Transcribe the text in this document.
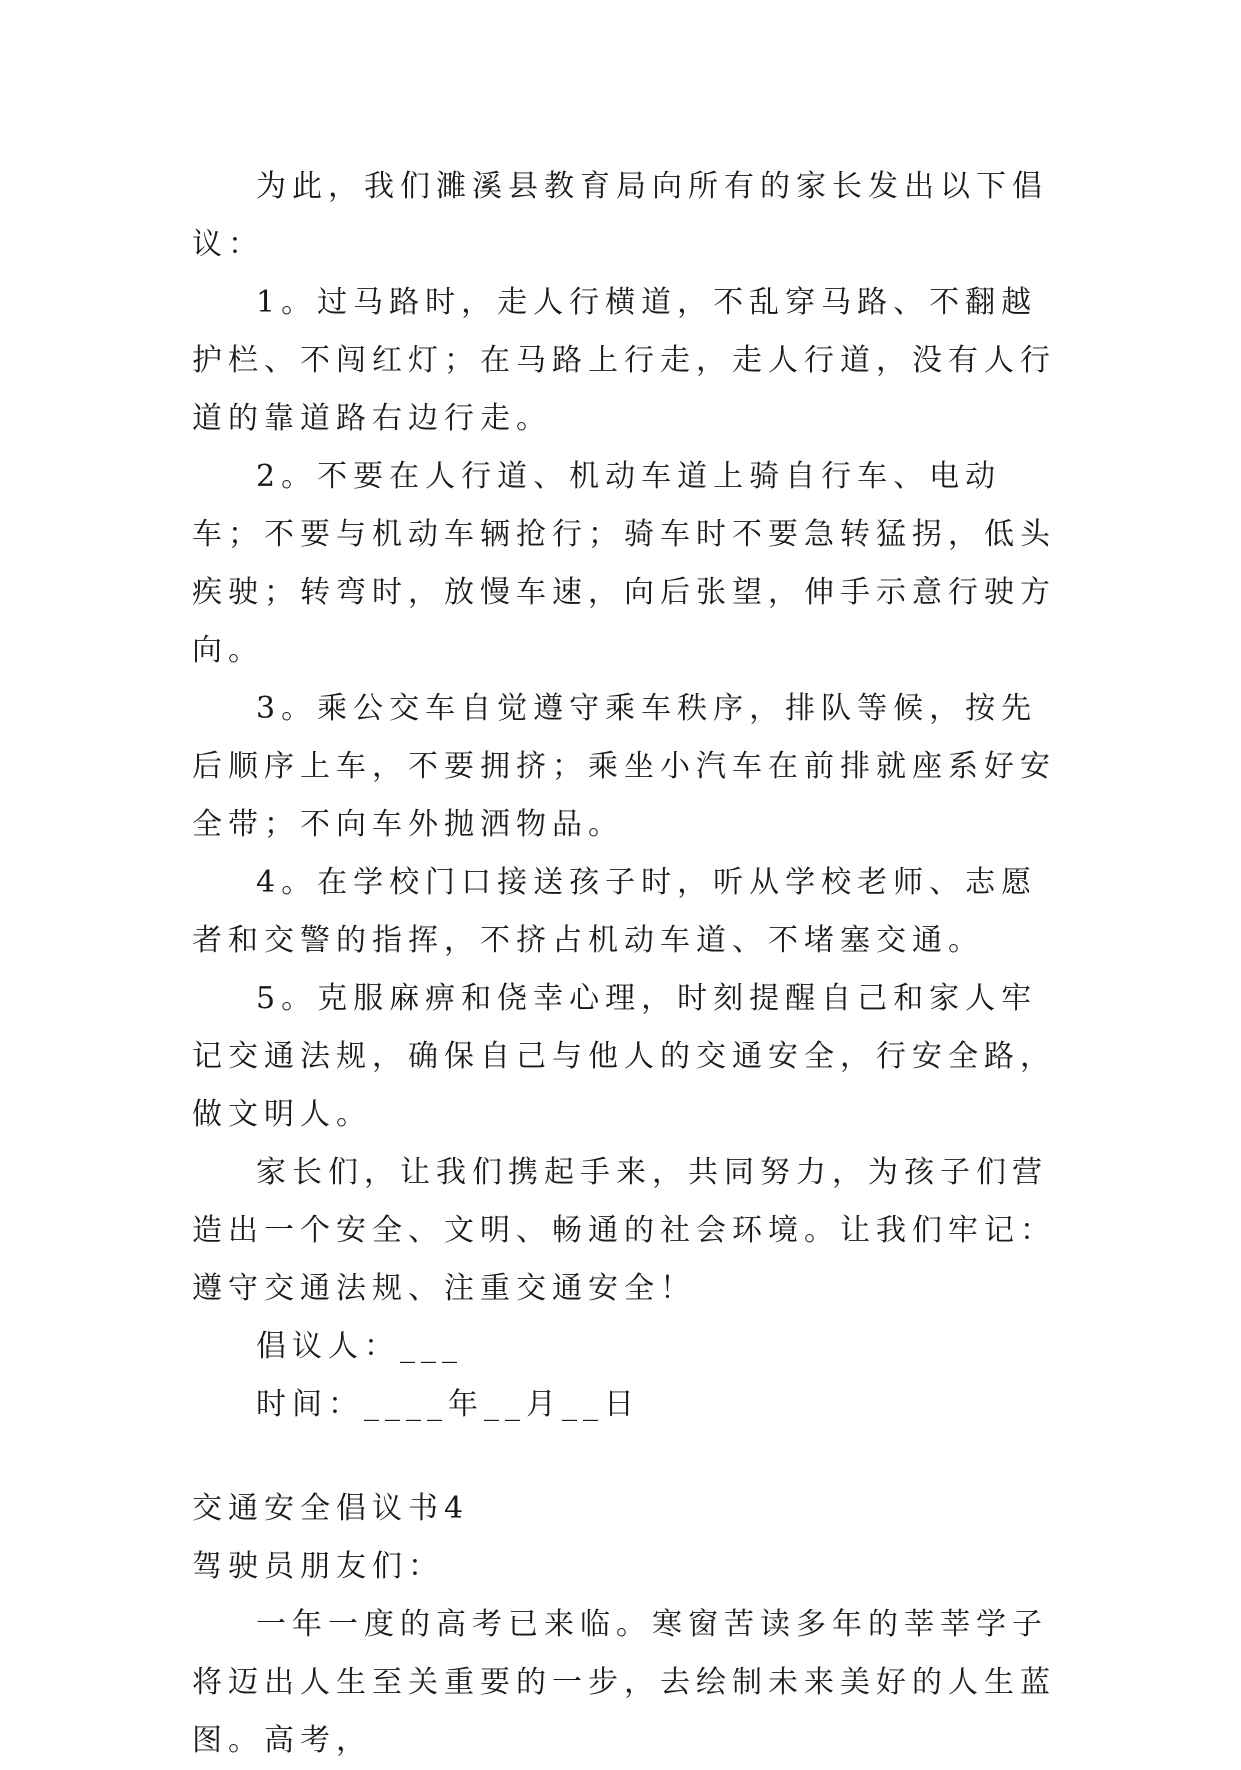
为此，我们濉溪县教育局向所有的家长发出以下倡议：

1。过马路时，走人行横道，不乱穿马路、不翻越护栏、不闯红灯；在马路上行走，走人行道，没有人行道的靠道路右边行走。

2。不要在人行道、机动车道上骑自行车、电动车；不要与机动车辆抢行；骑车时不要急转猛拐，低头疾驶；转弯时，放慢车速，向后张望，伸手示意行驶方向。

3。乘公交车自觉遵守乘车秩序，排队等候，按先后顺序上车，不要拥挤；乘坐小汽车在前排就座系好安全带；不向车外抛洒物品。

4。在学校门口接送孩子时，听从学校老师、志愿者和交警的指挥，不挤占机动车道、不堵塞交通。

5。克服麻痹和侥幸心理，时刻提醒自己和家人牢记交通法规，确保自己与他人的交通安全，行安全路，做文明人。

家长们，让我们携起手来，共同努力，为孩子们营造出一个安全、文明、畅通的社会环境。让我们牢记：遵守交通法规、注重交通安全！

倡议人：___

时间：____年__月__日

交通安全倡议书4

驾驶员朋友们：

一年一度的高考已来临。寒窗苦读多年的莘莘学子将迈出人生至关重要的一步，去绘制未来美好的人生蓝图。高考，
